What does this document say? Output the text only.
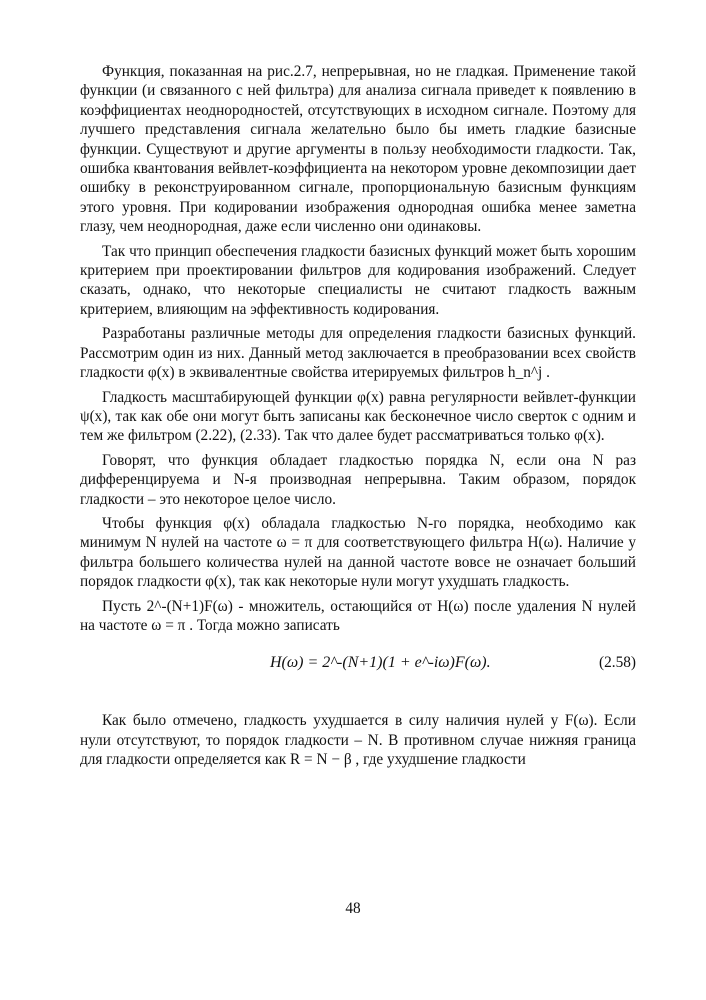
Функция, показанная на рис.2.7, непрерывная, но не гладкая. Применение такой функции (и связанного с ней фильтра) для анализа сигнала приведет к появлению в коэффициентах неоднородностей, отсутствующих в исходном сигнале. Поэтому для лучшего представления сигнала желательно было бы иметь гладкие базисные функции. Существуют и другие аргументы в пользу необходимости гладкости. Так, ошибка квантования вейвлет-коэффициента на некотором уровне декомпозиции дает ошибку в реконструированном сигнале, пропорциональную базисным функциям этого уровня. При кодировании изображения однородная ошибка менее заметна глазу, чем неоднородная, даже если численно они одинаковы.

Так что принцип обеспечения гладкости базисных функций может быть хорошим критерием при проектировании фильтров для кодирования изображений. Следует сказать, однако, что некоторые специалисты не считают гладкость важным критерием, влияющим на эффективность кодирования.

Разработаны различные методы для определения гладкости базисных функций. Рассмотрим один из них. Данный метод заключается в преобразовании всех свойств гладкости φ(x) в эквивалентные свойства итерируемых фильтров h_n^j .

Гладкость масштабирующей функции φ(x) равна регулярности вейвлет-функции ψ(x), так как обе они могут быть записаны как бесконечное число сверток с одним и тем же фильтром (2.22), (2.33). Так что далее будет рассматриваться только φ(x).

Говорят, что функция обладает гладкостью порядка N, если она N раз дифференцируема и N-я производная непрерывна. Таким образом, порядок гладкости – это некоторое целое число.

Чтобы функция φ(x) обладала гладкостью N-го порядка, необходимо как минимум N нулей на частоте ω = π для соответствующего фильтра H(ω). Наличие у фильтра большего количества нулей на данной частоте вовсе не означает больший порядок гладкости φ(x), так как некоторые нули могут ухудшать гладкость.

Пусть 2^-(N+1)F(ω) - множитель, остающийся от H(ω) после удаления N нулей на частоте ω = π . Тогда можно записать

H(ω) = 2^-(N+1)(1 + e^-iω)F(ω).	(2.58)

Как было отмечено, гладкость ухудшается в силу наличия нулей у F(ω). Если нули отсутствуют, то порядок гладкости – N. В противном случае нижняя граница для гладкости определяется как R = N − β , где ухудшение гладкости

48
